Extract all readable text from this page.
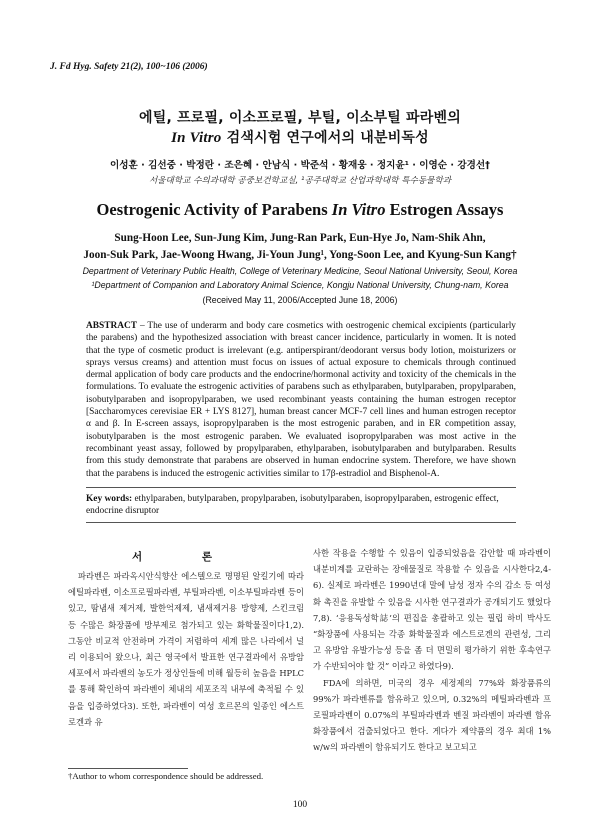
J. Fd Hyg. Safety 21(2), 100~106 (2006)
에틸, 프로필, 이소프로필, 부틸, 이소부틸 파라벤의
In Vitro 검색시험 연구에서의 내분비독성
이성훈 · 김선중 · 박정란 · 조은혜 · 안남식 · 박준석 · 황재웅 · 정지윤¹ · 이영순 · 강경선†
서울대학교 수의과대학 공중보건학교실, ¹공주대학교 산업과학대학 특수동물학과
Oestrogenic Activity of Parabens In Vitro Estrogen Assays
Sung-Hoon Lee, Sun-Jung Kim, Jung-Ran Park, Eun-Hye Jo, Nam-Shik Ahn,
Joon-Suk Park, Jae-Woong Hwang, Ji-Youn Jung¹, Yong-Soon Lee, and Kyung-Sun Kang†
Department of Veterinary Public Health, College of Veterinary Medicine, Seoul National University, Seoul, Korea
¹Department of Companion and Laboratory Animal Science, Kongju National University, Chung-nam, Korea
(Received May 11, 2006/Accepted June 18, 2006)
ABSTRACT – The use of underarm and body care cosmetics with oestrogenic chemical excipients (particularly the parabens) and the hypothesized association with breast cancer incidence, particularly in women. It is noted that the type of cosmetic product is irrelevant (e.g. antiperspirant/deodorant versus body lotion, moisturizers or sprays versus creams) and attention must focus on issues of actual exposure to chemicals through continued dermal application of body care products and the endocrine/hormonal activity and toxicity of the chemicals in the formulations. To evaluate the estrogenic activities of parabens such as ethylparaben, butylparaben, propylparaben, isobutylparaben and isopropylparaben, we used recombinant yeasts containing the human estrogen receptor [Saccharomyces cerevisiae ER + LYS 8127], human breast cancer MCF-7 cell lines and human estrogen receptor α and β. In E-screen assays, isopropylparaben is the most estrogenic paraben, and in ER competition assay, isobutylparaben is the most estrogenic paraben. We evaluated isopropylparaben was most active in the recombinant yeast assay, followed by propylparaben, ethylparaben, isobutylparaben and butylparaben. Results from this study demonstrate that parabens are observed in human endocrine system. Therefore, we have shown that the parabens is induced the estrogenic activities similar to 17β-estradiol and Bisphenol-A.
Key words: ethylparaben, butylparaben, propylparaben, isobutylparaben, isopropylparaben, estrogenic effect, endocrine disruptor
서 론
파라벤은 파라옥시안식향산 에스텔으로 명명된 알킬기에 따라 에틸파라벤, 이소프로필파라벤, 부틸파라벤, 이소부틸파라벤 등이 있고, 땀냄새 제거제, 발한억제제, 냄새제거용 방향제, 스킨크림 등 수많은 화장품에 방부제로 첨가되고 있는 화학물질이다1,2). 그동안 비교적 안전하며 가격이 저렴하여 세계 많은 나라에서 널리 이용되어 왔으나, 최근 영국에서 발표한 연구결과에서 유방암 세포에서 파라벤의 농도가 정상인들에 비해 월등히 높음을 HPLC를 통해 확인하여 파라벤이 체내의 세포조직 내부에 축적될 수 있음을 입증하였다3). 또한, 파라벤이 여성 호르몬의 일종인 에스트로겐과 유

사한 작용을 수행할 수 있음이 입증되었음을 감안할 때 파라벤이 내분비계를 교란하는 장애물질로 작용할 수 있음을 시사한다2,4-6). 실제로 파라벤은 1990년대 말에 남성 정자 수의 감소 등 여성화 촉진을 유발할 수 있음을 시사한 연구결과가 공개되기도 했었다7,8). ‘응용독성학誌’의 편집을 총괄하고 있는 필립 하비 박사도 “화장품에 사용되는 각종 화학물질과 에스트로겐의 관련성, 그리고 유방암 유발가능성 등을 좀 더 면밀히 평가하기 위한 후속연구가 수반되어야 할 것” 이라고 하였다9).

FDA에 의하면, 미국의 경우 세정제의 77%와 화장품류의 99%가 파라벤류를 함유하고 있으며, 0.32%의 메틸파라벤과 프로필파라벤이 0.07%의 부틸파라벤과 벤질 파라벤이 파라벤 함유 화장품에서 검출되었다고 한다. 게다가 제약품의 경우 최대 1% w/w의 파라벤이 함유되기도 한다고 보고되고

†Author to whom correspondence should be addressed.
100
